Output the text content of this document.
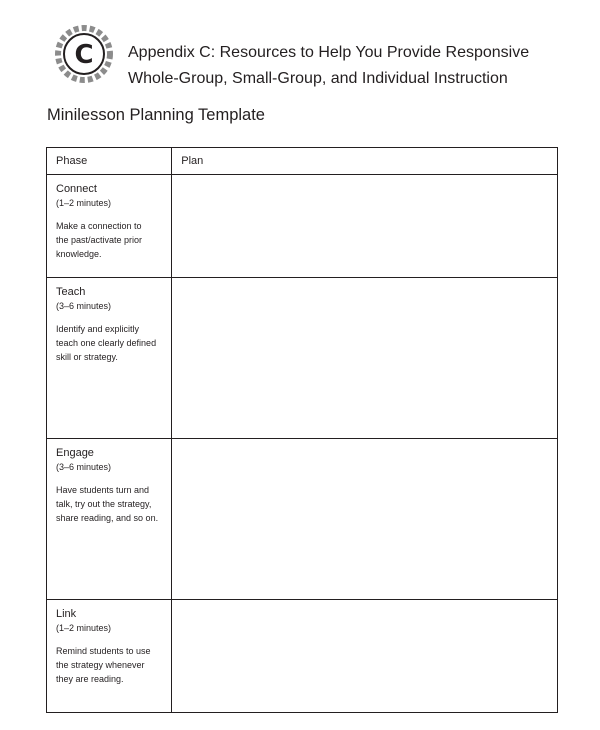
C Appendix C: Resources to Help You Provide Responsive
Whole-Group, Small-Group, and Individual Instruction
Minilesson Planning Template
Phase	Plan

Connect
(1–2 minutes)
Make a connection to
the past/activate prior
knowledge.	

Teach
(3–6 minutes)
Identify and explicitly
teach one clearly defined
skill or strategy.	

Engage
(3–6 minutes)
Have students turn and
talk, try out the strategy,
share reading, and so on.	

Link
(1–2 minutes)
Remind students to use
the strategy whenever
they are reading.	
